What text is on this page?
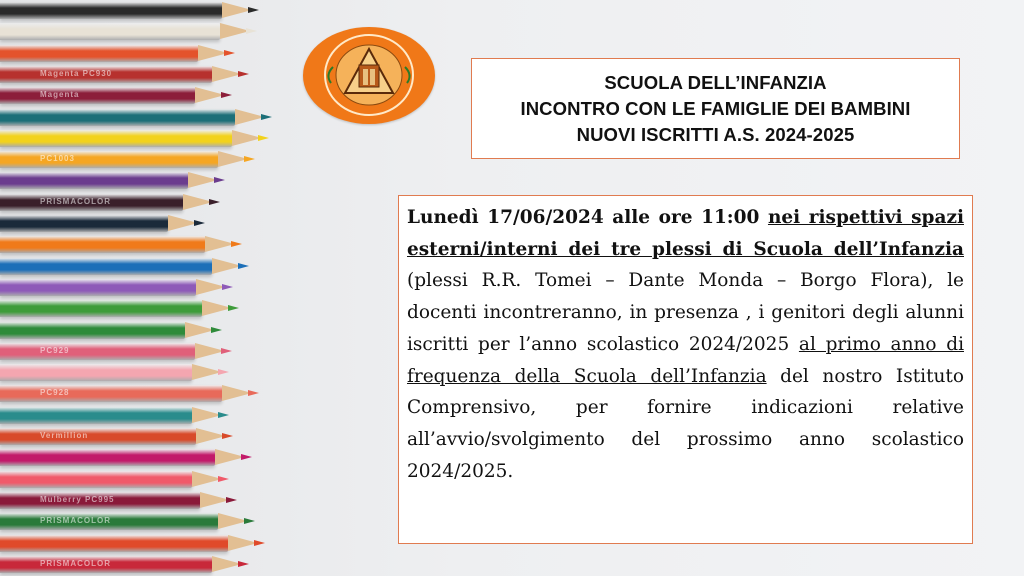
Magenta PC930
Magenta
PC1003
PRISMACOLOR
PC929
PC928
Vermillion
Mulberry PC995
PRISMACOLOR
PRISMACOLOR
SCUOLA DELL’INFANZIA
INCONTRO CON LE FAMIGLIE DEI BAMBINI
NUOVI ISCRITTI A.S. 2024-2025

Lunedì 17/06/2024 alle ore 11:00 nei rispettivi spazi esterni/interni dei tre plessi di Scuola dell’Infanzia (plessi R.R. Tomei – Dante Monda – Borgo Flora), le docenti incontreranno, in presenza , i genitori degli alunni iscritti per l’anno scolastico 2024/2025 al primo anno di frequenza della Scuola dell’Infanzia del nostro Istituto Comprensivo, per fornire indicazioni relative all’avvio/svolgimento del prossimo anno scolastico 2024/2025.
